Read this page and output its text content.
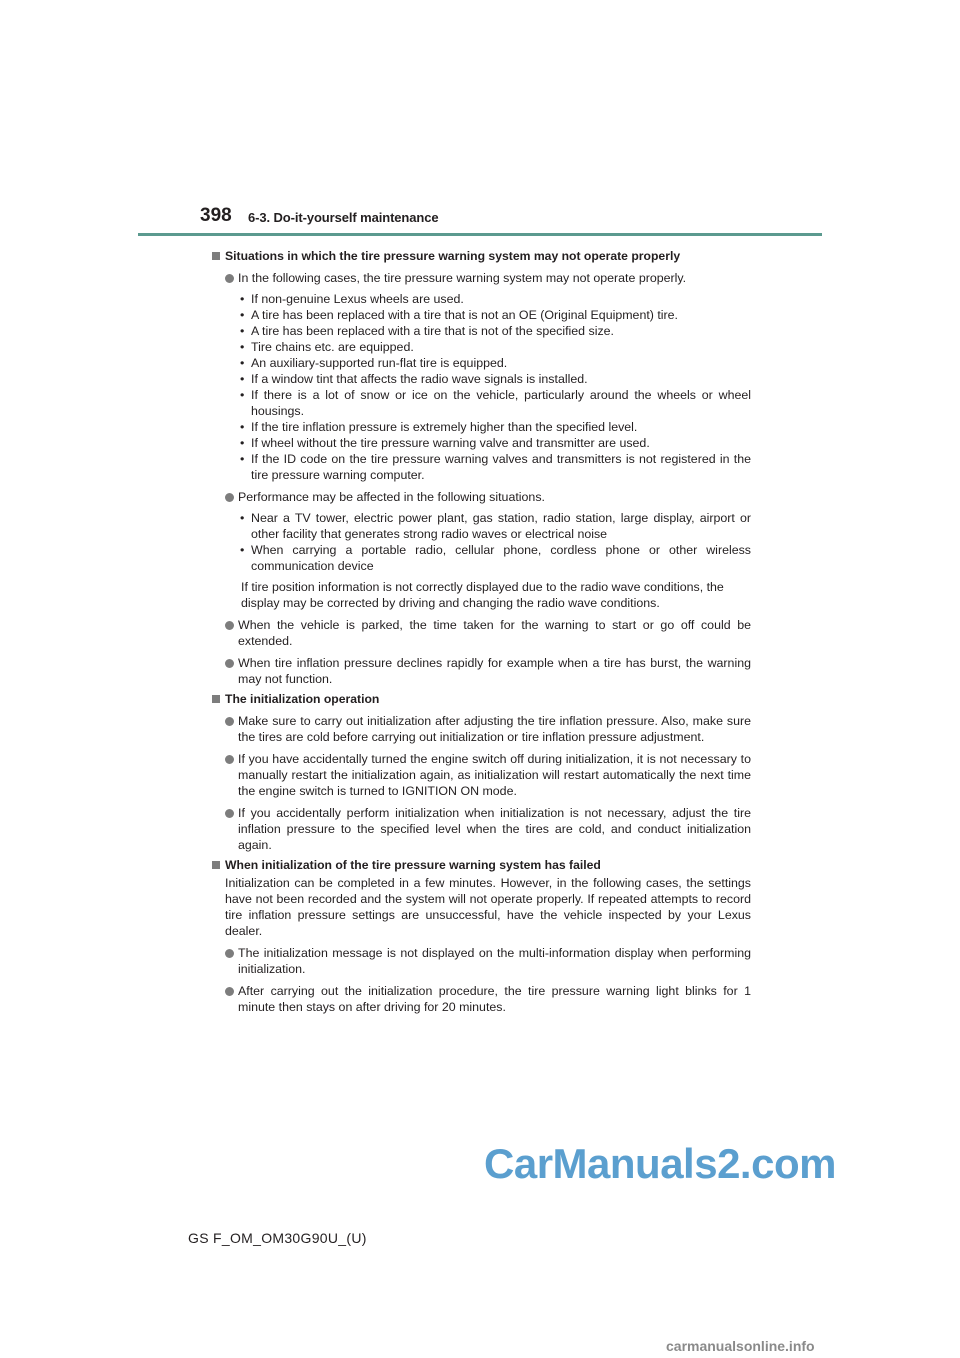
398 6-3. Do-it-yourself maintenance
Situations in which the tire pressure warning system may not operate properly
In the following cases, the tire pressure warning system may not operate properly.
• If non-genuine Lexus wheels are used.
• A tire has been replaced with a tire that is not an OE (Original Equipment) tire.
• A tire has been replaced with a tire that is not of the specified size.
• Tire chains etc. are equipped.
• An auxiliary-supported run-flat tire is equipped.
• If a window tint that affects the radio wave signals is installed.
• If there is a lot of snow or ice on the vehicle, particularly around the wheels or wheel housings.
• If the tire inflation pressure is extremely higher than the specified level.
• If wheel without the tire pressure warning valve and transmitter are used.
• If the ID code on the tire pressure warning valves and transmitters is not registered in the tire pressure warning computer.
Performance may be affected in the following situations.
• Near a TV tower, electric power plant, gas station, radio station, large display, airport or other facility that generates strong radio waves or electrical noise
• When carrying a portable radio, cellular phone, cordless phone or other wireless communication device
If tire position information is not correctly displayed due to the radio wave conditions, the display may be corrected by driving and changing the radio wave conditions.
When the vehicle is parked, the time taken for the warning to start or go off could be extended.
When tire inflation pressure declines rapidly for example when a tire has burst, the warning may not function.
The initialization operation
Make sure to carry out initialization after adjusting the tire inflation pressure. Also, make sure the tires are cold before carrying out initialization or tire inflation pressure adjustment.
If you have accidentally turned the engine switch off during initialization, it is not necessary to manually restart the initialization again, as initialization will restart automatically the next time the engine switch is turned to IGNITION ON mode.
If you accidentally perform initialization when initialization is not necessary, adjust the tire inflation pressure to the specified level when the tires are cold, and conduct initialization again.
When initialization of the tire pressure warning system has failed
Initialization can be completed in a few minutes. However, in the following cases, the settings have not been recorded and the system will not operate properly. If repeated attempts to record tire inflation pressure settings are unsuccessful, have the vehicle inspected by your Lexus dealer.
The initialization message is not displayed on the multi-information display when performing initialization.
After carrying out the initialization procedure, the tire pressure warning light blinks for 1 minute then stays on after driving for 20 minutes.
CarManuals2.com
GS F_OM_OM30G90U_(U)
carmanualsonline.info
